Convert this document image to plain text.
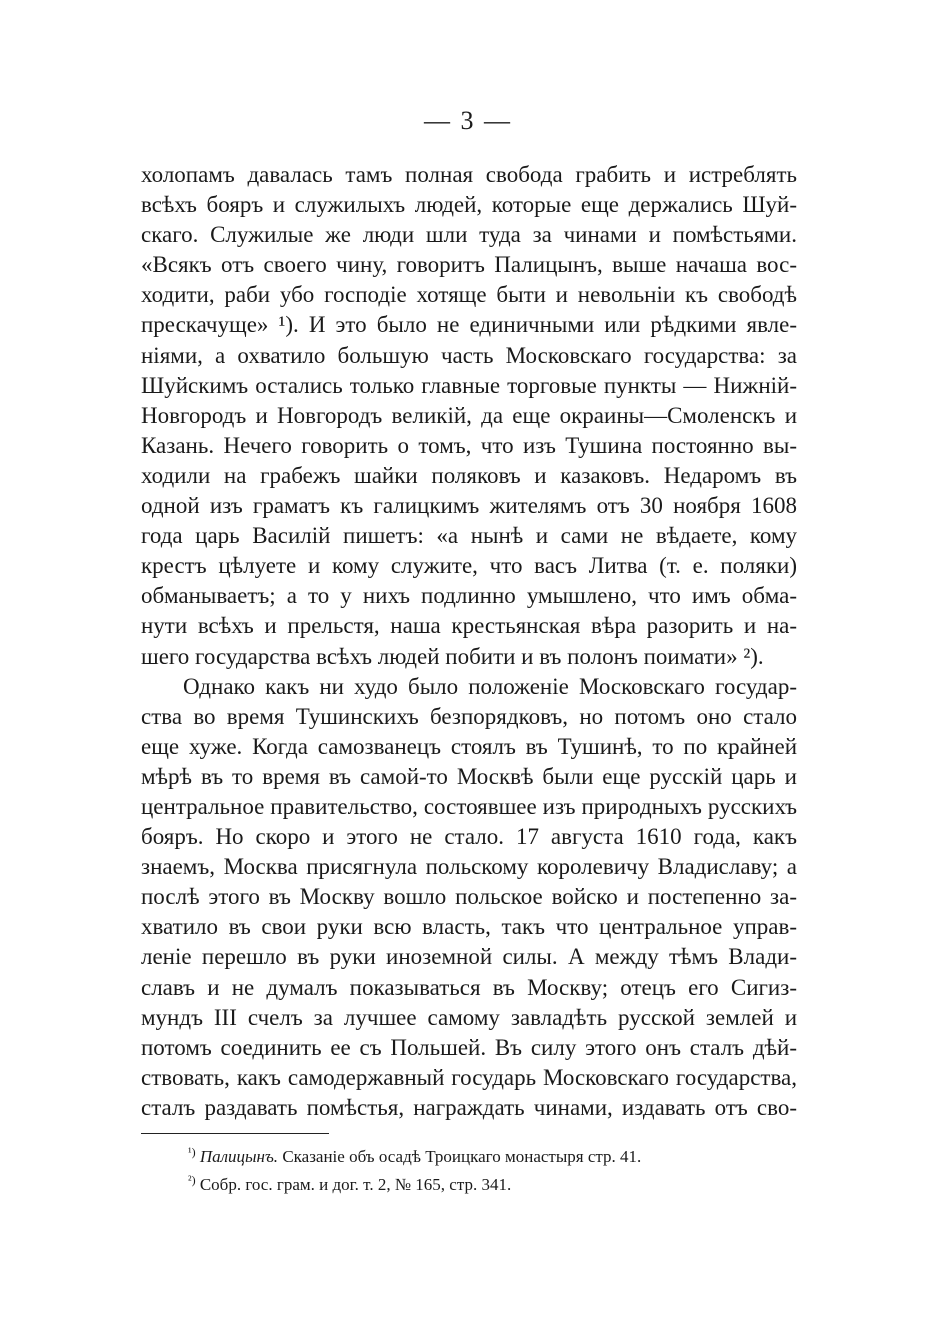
— 3 —
холопамъ давалась тамъ полная свобода грабить и истреблять
всѣхъ бояръ и служилыхъ людей, которые еще держались Шуй-
скаго. Служилые же люди шли туда за чинами и помѣстьями.
«Всякъ отъ своего чину, говоритъ Палицынъ, выше начаша вос-
ходити, раби убо господіе хотяще быти и невольніи къ свободѣ
прескачуще» ¹). И это было не единичными или рѣдкими явле-
ніями, а охватило большую часть Московскаго государства: за
Шуйскимъ остались только главные торговые пункты — Нижній-
Новгородъ и Новгородъ великій, да еще окраины—Смоленскъ и
Казань. Нечего говорить о томъ, что изъ Тушина постоянно вы-
ходили на грабежъ шайки поляковъ и казаковъ. Недаромъ въ
одной изъ граматъ къ галицкимъ жителямъ отъ 30 ноября 1608
года царь Василій пишетъ: «а нынѣ и сами не вѣдаете, кому
крестъ цѣлуете и кому служите, что васъ Литва (т. е. поляки)
обманываетъ; а то у нихъ подлинно умышлено, что имъ обма-
нути всѣхъ и прельстя, наша крестьянская вѣра разорить и на-
шего государства всѣхъ людей побити и въ полонъ поимати» ²).
Однако какъ ни худо было положеніе Московскаго государ-
ства во время Тушинскихъ безпорядковъ, но потомъ оно стало
еще хуже. Когда самозванецъ стоялъ въ Тушинѣ, то по крайней
мѣрѣ въ то время въ самой-то Москвѣ были еще русскій царь и
центральное правительство, состоявшее изъ природныхъ русскихъ
бояръ. Но скоро и этого не стало. 17 августа 1610 года, какъ
знаемъ, Москва присягнула польскому королевичу Владиславу; а
послѣ этого въ Москву вошло польское войско и постепенно за-
хватило въ свои руки всю власть, такъ что центральное управ-
леніе перешло въ руки иноземной силы. А между тѣмъ Влади-
славъ и не думалъ показываться въ Москву; отецъ его Сигиз-
мундъ III счелъ за лучшее самому завладѣть русской землей и
потомъ соединить ее съ Польшей. Въ силу этого онъ сталъ дѣй-
ствовать, какъ самодержавный государь Московскаго государства,
сталъ раздавать помѣстья, награждать чинами, издавать отъ сво-
$^{^1)}$ Палицынъ. Сказаніе объ осадѣ Троицкаго монастыря стр. 41.
$^{^2)}$ Собр. гос. грам. и дог. т. 2, № 165, стр. 341.
